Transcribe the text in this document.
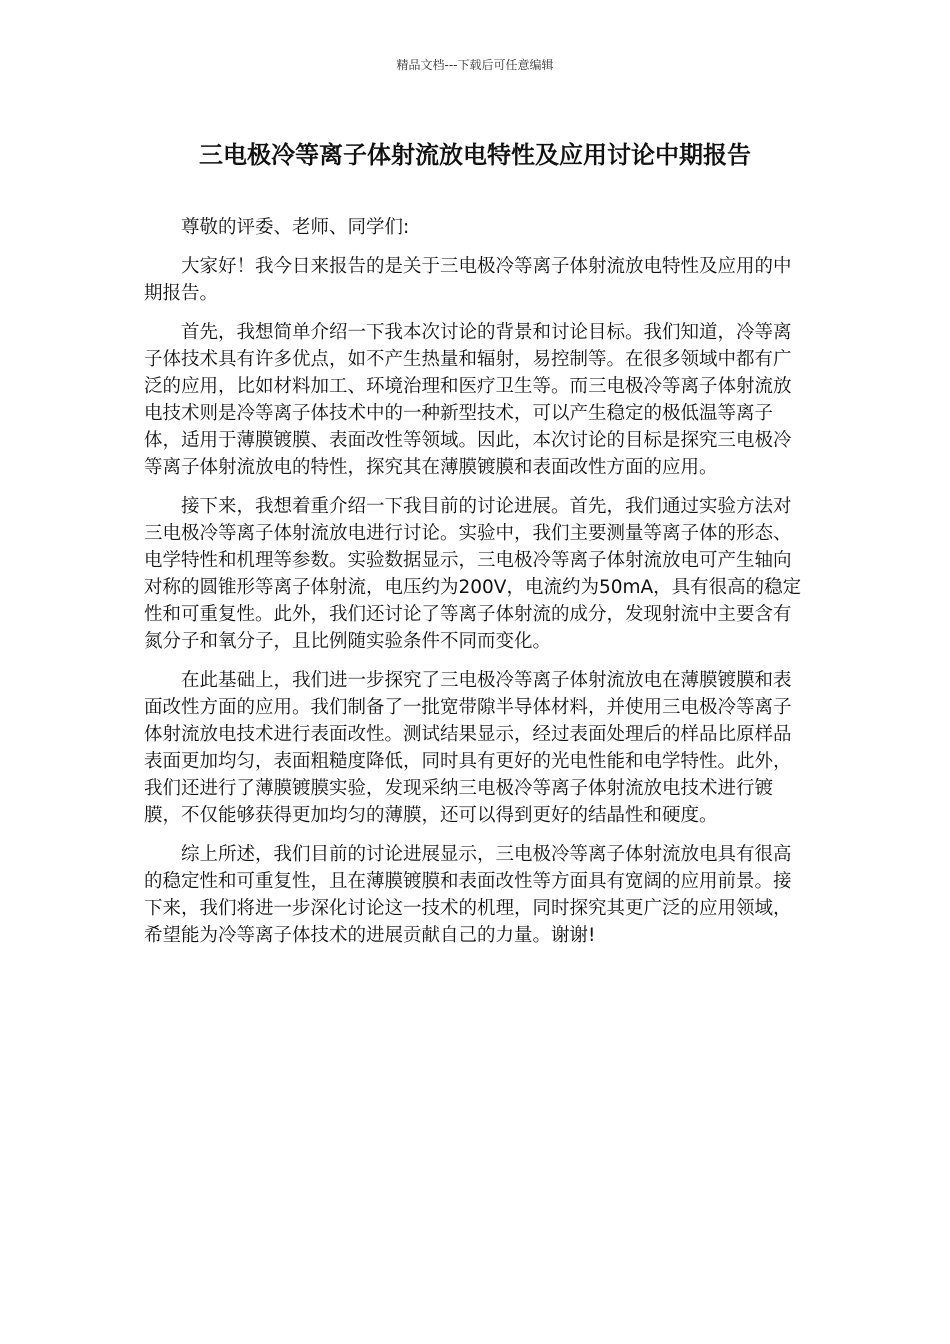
精品文档---下载后可任意编辑
三电极冷等离子体射流放电特性及应用讨论中期报告

尊敬的评委、老师、同学们:

大家好！我今日来报告的是关于三电极冷等离子体射流放电特性及应用的中期报告。

首先，我想简单介绍一下我本次讨论的背景和讨论目标。我们知道，冷等离子体技术具有许多优点，如不产生热量和辐射，易控制等。在很多领域中都有广泛的应用，比如材料加工、环境治理和医疗卫生等。而三电极冷等离子体射流放电技术则是冷等离子体技术中的一种新型技术，可以产生稳定的极低温等离子体，适用于薄膜镀膜、表面改性等领域。因此，本次讨论的目标是探究三电极冷等离子体射流放电的特性，探究其在薄膜镀膜和表面改性方面的应用。

接下来，我想着重介绍一下我目前的讨论进展。首先，我们通过实验方法对三电极冷等离子体射流放电进行讨论。实验中，我们主要测量等离子体的形态、电学特性和机理等参数。实验数据显示，三电极冷等离子体射流放电可产生轴向对称的圆锥形等离子体射流，电压约为200V，电流约为50mA，具有很高的稳定性和可重复性。此外，我们还讨论了等离子体射流的成分，发现射流中主要含有氮分子和氧分子，且比例随实验条件不同而变化。

在此基础上，我们进一步探究了三电极冷等离子体射流放电在薄膜镀膜和表面改性方面的应用。我们制备了一批宽带隙半导体材料，并使用三电极冷等离子体射流放电技术进行表面改性。测试结果显示，经过表面处理后的样品比原样品表面更加均匀，表面粗糙度降低，同时具有更好的光电性能和电学特性。此外，我们还进行了薄膜镀膜实验，发现采纳三电极冷等离子体射流放电技术进行镀膜，不仅能够获得更加均匀的薄膜，还可以得到更好的结晶性和硬度。

综上所述，我们目前的讨论进展显示，三电极冷等离子体射流放电具有很高的稳定性和可重复性，且在薄膜镀膜和表面改性等方面具有宽阔的应用前景。接下来，我们将进一步深化讨论这一技术的机理，同时探究其更广泛的应用领域，希望能为冷等离子体技术的进展贡献自己的力量。谢谢!
